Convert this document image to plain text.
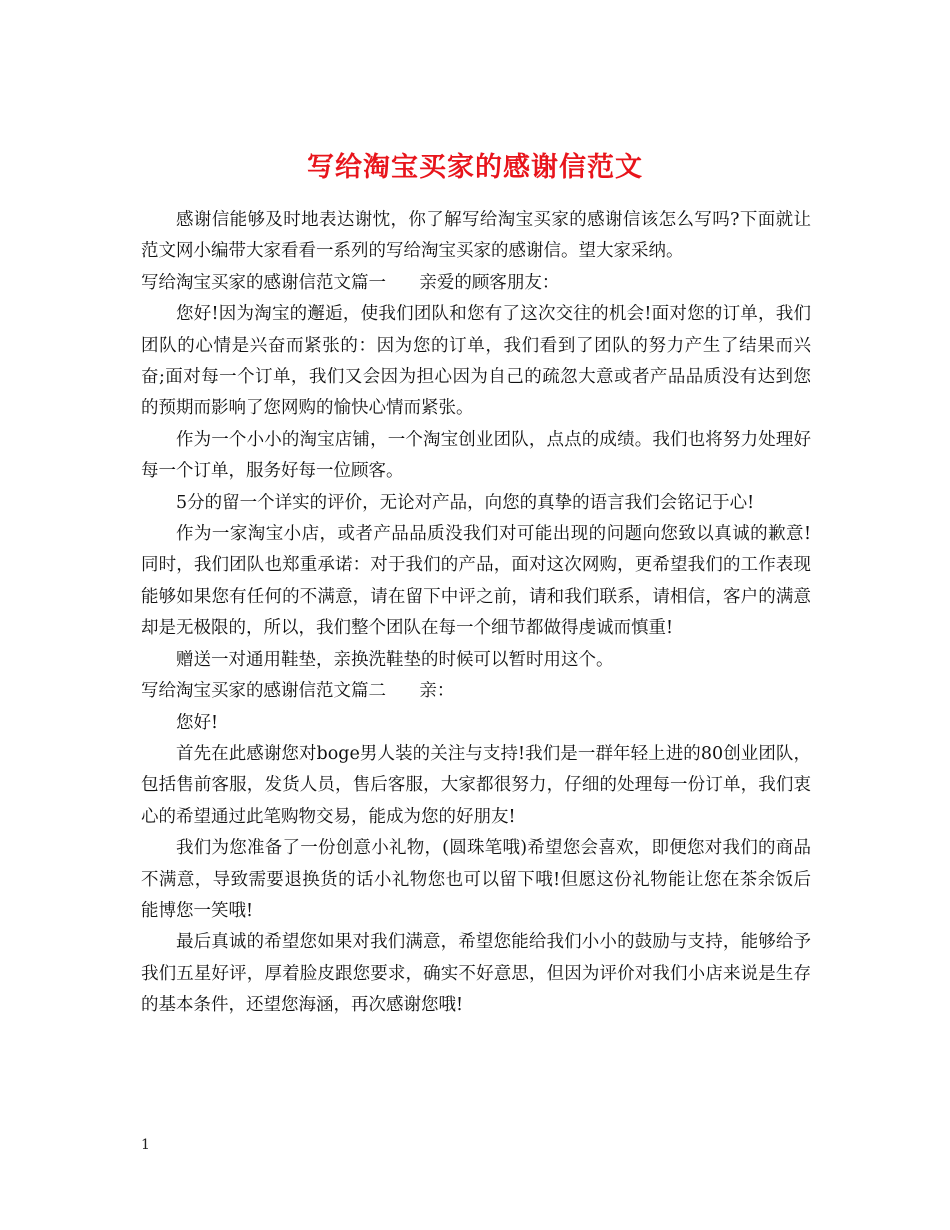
写给淘宝买家的感谢信范文

感谢信能够及时地表达谢忱，你了解写给淘宝买家的感谢信该怎么写吗?下面就让范文网小编带大家看看一系列的写给淘宝买家的感谢信。望大家采纳。

写给淘宝买家的感谢信范文篇一      亲爱的顾客朋友：

您好!因为淘宝的邂逅，使我们团队和您有了这次交往的机会!面对您的订单，我们团队的心情是兴奋而紧张的：因为您的订单，我们看到了团队的努力产生了结果而兴奋;面对每一个订单，我们又会因为担心因为自己的疏忽大意或者产品品质没有达到您的预期而影响了您网购的愉快心情而紧张。

作为一个小小的淘宝店铺，一个淘宝创业团队，点点的成绩。我们也将努力处理好每一个订单，服务好每一位顾客。

5分的留一个详实的评价，无论对产品，向您的真挚的语言我们会铭记于心!

作为一家淘宝小店，或者产品品质没我们对可能出现的问题向您致以真诚的歉意!同时，我们团队也郑重承诺：对于我们的产品，面对这次网购，更希望我们的工作表现能够如果您有任何的不满意，请在留下中评之前，请和我们联系，请相信，客户的满意却是无极限的，所以，我们整个团队在每一个细节都做得虔诚而慎重!

赠送一对通用鞋垫，亲换洗鞋垫的时候可以暂时用这个。

写给淘宝买家的感谢信范文篇二      亲：

您好!

首先在此感谢您对boge男人装的关注与支持!我们是一群年轻上进的80创业团队，包括售前客服，发货人员，售后客服，大家都很努力，仔细的处理每一份订单，我们衷心的希望通过此笔购物交易，能成为您的好朋友!

我们为您准备了一份创意小礼物，(圆珠笔哦)希望您会喜欢，即便您对我们的商品不满意，导致需要退换货的话小礼物您也可以留下哦!但愿这份礼物能让您在茶余饭后能博您一笑哦!

最后真诚的希望您如果对我们满意，希望您能给我们小小的鼓励与支持，能够给予我们五星好评，厚着脸皮跟您要求，确实不好意思，但因为评价对我们小店来说是生存的基本条件，还望您海涵，再次感谢您哦!

1
